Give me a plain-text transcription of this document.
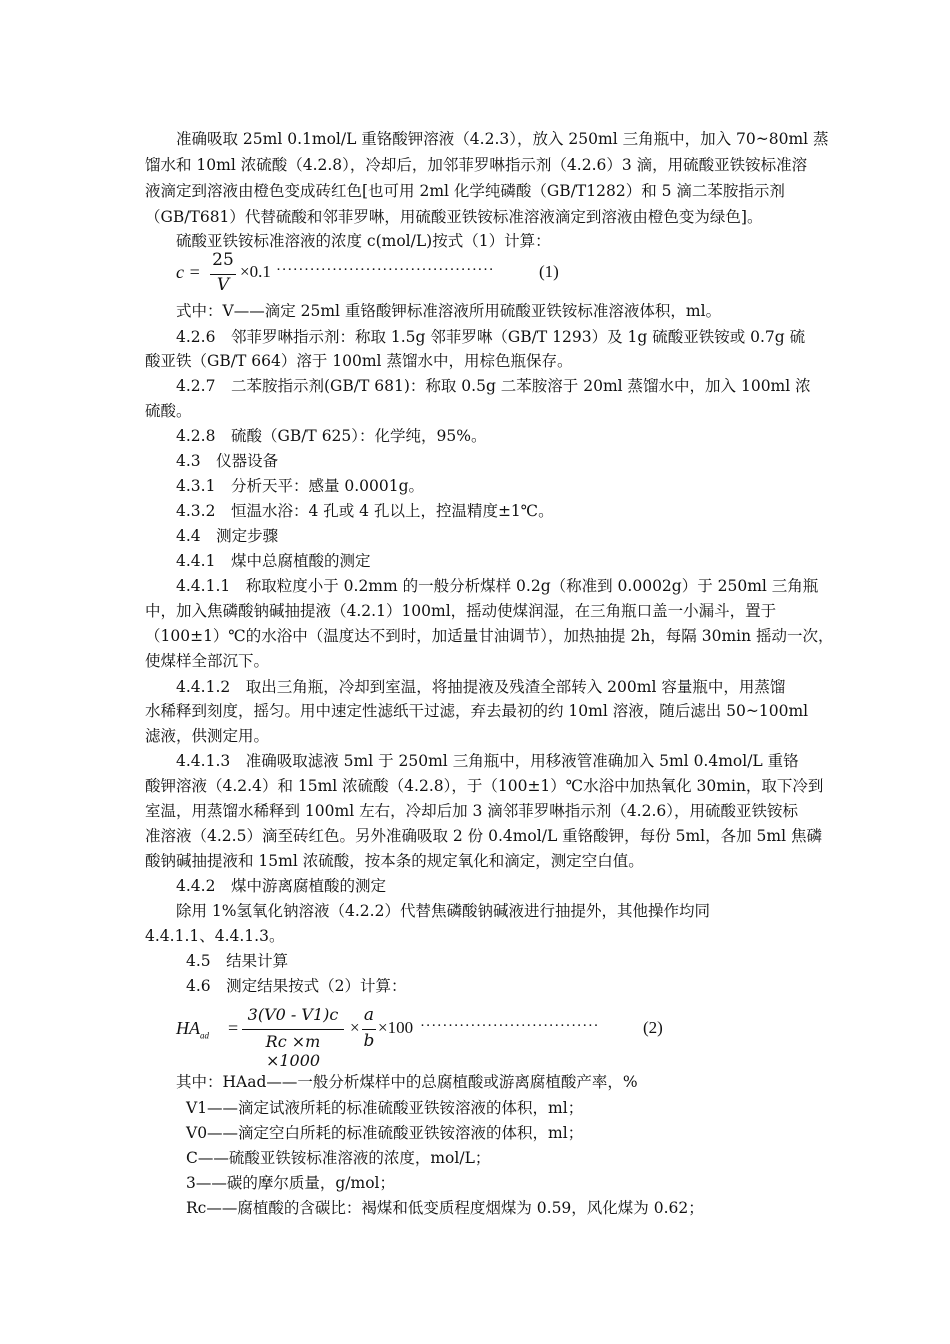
准确吸取 25ml 0.1mol/L 重铬酸钾溶液（4.2.3），放入 250ml 三角瓶中，加入 70~80ml 蒸
馏水和 10ml 浓硫酸（4.2.8），冷却后，加邻菲罗啉指示剂（4.2.6）3 滴，用硫酸亚铁铵标准溶
液滴定到溶液由橙色变成砖红色[也可用 2ml 化学纯磷酸（GB/T1282）和 5 滴二苯胺指示剂
（GB/T681）代替硫酸和邻菲罗啉，用硫酸亚铁铵标准溶液滴定到溶液由橙色变为绿色]。
硫酸亚铁铵标准溶液的浓度 c(mol/L)按式（1）计算：
c =
25
V
×0.1 ·······································	(1)
式中：V——滴定 25ml 重铬酸钾标准溶液所用硫酸亚铁铵标准溶液体积，ml。
4.2.6　邻菲罗啉指示剂：称取 1.5g 邻菲罗啉（GB/T 1293）及 1g 硫酸亚铁铵或 0.7g 硫
酸亚铁（GB/T 664）溶于 100ml 蒸馏水中，用棕色瓶保存。
4.2.7　二苯胺指示剂(GB/T 681)：称取 0.5g 二苯胺溶于 20ml 蒸馏水中，加入 100ml 浓
硫酸。
4.2.8　硫酸（GB/T 625）：化学纯，95%。
4.3　仪器设备
4.3.1　分析天平：感量 0.0001g。
4.3.2　恒温水浴：4 孔或 4 孔以上，控温精度±1℃。
4.4　测定步骤
4.4.1　煤中总腐植酸的测定
4.4.1.1　称取粒度小于 0.2mm 的一般分析煤样 0.2g（称准到 0.0002g）于 250ml 三角瓶
中，加入焦磷酸钠碱抽提液（4.2.1）100ml，摇动使煤润湿，在三角瓶口盖一小漏斗，置于
（100±1）℃的水浴中（温度达不到时，加适量甘油调节），加热抽提 2h，每隔 30min 摇动一次，
使煤样全部沉下。
4.4.1.2　取出三角瓶，冷却到室温，将抽提液及残渣全部转入 200ml 容量瓶中，用蒸馏
水稀释到刻度，摇匀。用中速定性滤纸干过滤，弃去最初的约 10ml 溶液，随后滤出 50~100ml
滤液，供测定用。
4.4.1.3　准确吸取滤液 5ml 于 250ml 三角瓶中，用移液管准确加入 5ml 0.4mol/L 重铬
酸钾溶液（4.2.4）和 15ml 浓硫酸（4.2.8），于（100±1）℃水浴中加热氧化 30min，取下冷到
室温，用蒸馏水稀释到 100ml 左右，冷却后加 3 滴邻菲罗啉指示剂（4.2.6），用硫酸亚铁铵标
准溶液（4.2.5）滴至砖红色。另外准确吸取 2 份 0.4mol/L 重铬酸钾，每份 5ml，各加 5ml 焦磷
酸钠碱抽提液和 15ml 浓硫酸，按本条的规定氧化和滴定，测定空白值。
4.4.2　煤中游离腐植酸的测定
除用 1%氢氧化钠溶液（4.2.2）代替焦磷酸钠碱液进行抽提外，其他操作均同
4.4.1.1、4.4.1.3。
4.5　结果计算
4.6　测定结果按式（2）计算：
$HA_{ad}$ =
3(V0 - V1)c
Rc ×m ×1000
×
a
b
×100 ································	(2)
其中：HAad——一般分析煤样中的总腐植酸或游离腐植酸产率，%
V1——滴定试液所耗的标准硫酸亚铁铵溶液的体积，ml；
V0——滴定空白所耗的标准硫酸亚铁铵溶液的体积，ml；
C——硫酸亚铁铵标准溶液的浓度，mol/L；
3——碳的摩尔质量，g/mol；
Rc——腐植酸的含碳比：褐煤和低变质程度烟煤为 0.59，风化煤为 0.62；
